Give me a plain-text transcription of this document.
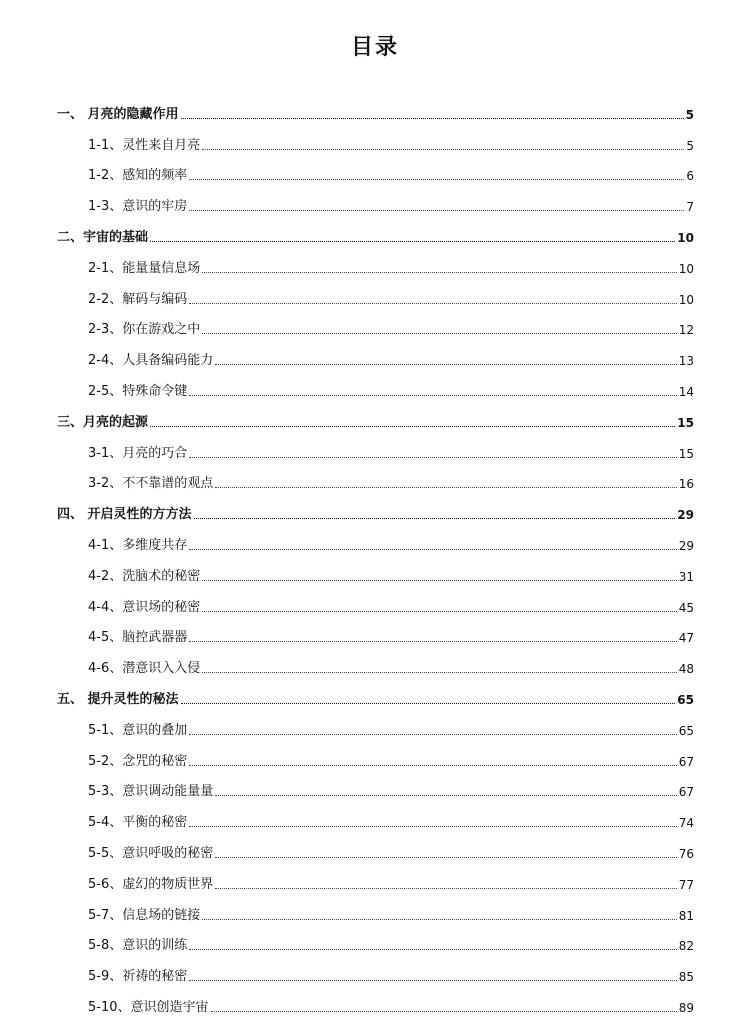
目录
一、 月亮的隐藏作用	5
1-1、灵性来自月亮	5
1-2、感知的频率	6
1-3、意识的牢房	7
二、宇宙的基础	10
2-1、能量量信息场	10
2-2、解码与编码	10
2-3、你在游戏之中	12
2-4、人具备编码能力	13
2-5、特殊命令键	14
三、月亮的起源	15
3-1、月亮的巧合	15
3-2、不不靠谱的观点	16
四、 开启灵性的方方法	29
4-1、多维度共存	29
4-2、洗脑术的秘密	31
4-4、意识场的秘密	45
4-5、脑控武器器	47
4-6、潜意识入入侵	48
五、 提升灵性的秘法	65
5-1、意识的叠加	65
5-2、念咒的秘密	67
5-3、意识调动能量量	67
5-4、平衡的秘密	74
5-5、意识呼吸的秘密	76
5-6、虚幻的物质世界	77
5-7、信息场的链接	81
5-8、意识的训练	82
5-9、祈祷的秘密	85
5-10、意识创造宇宙	89
